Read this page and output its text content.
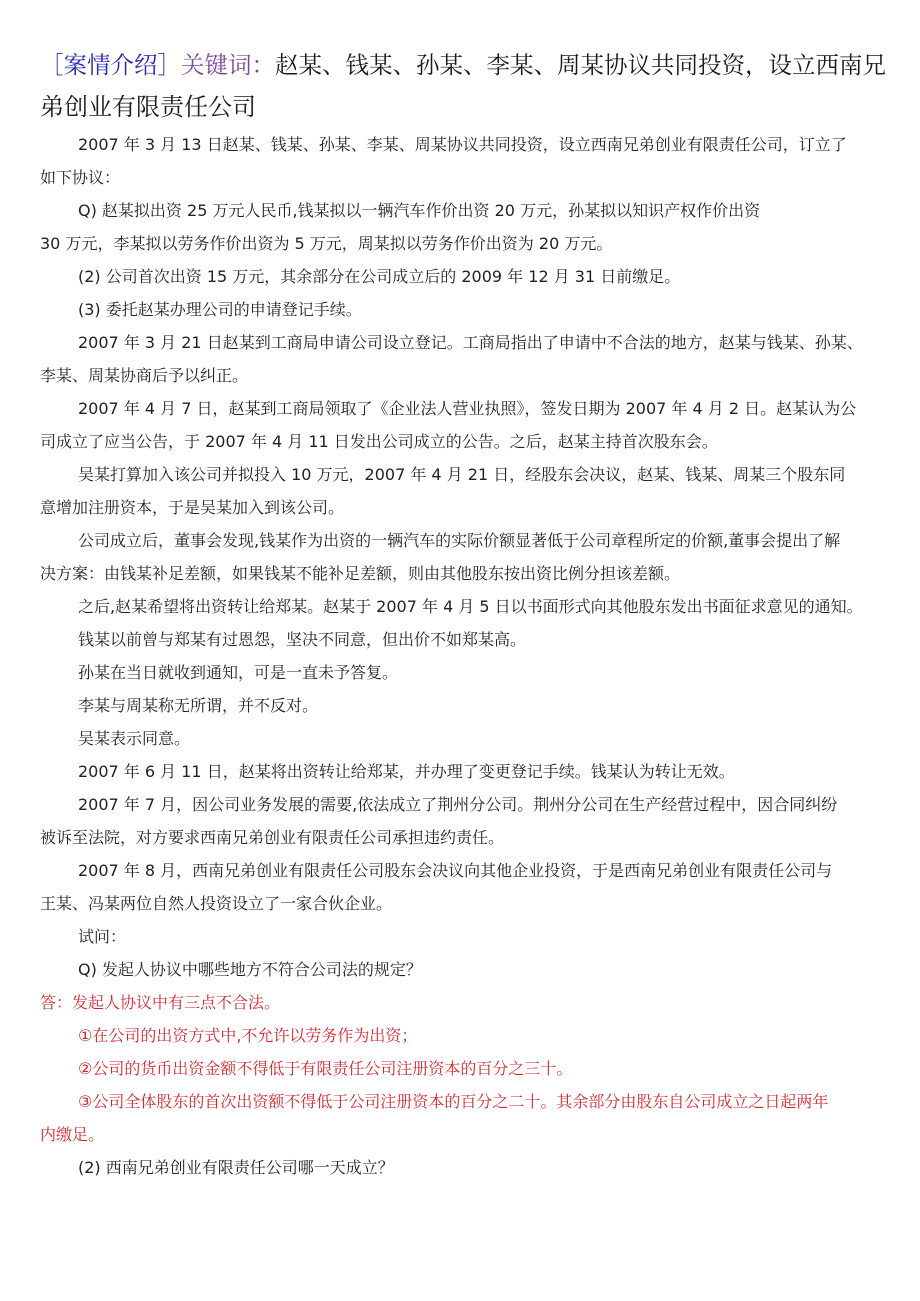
［案情介绍］关键词：赵某、钱某、孙某、李某、周某协议共同投资，设立西南兄
弟创业有限责任公司
2007 年 3 月 13 日赵某、钱某、孙某、李某、周某协议共同投资，设立西南兄弟创业有限责任公司，订立了
如下协议：
Q) 赵某拟出资 25 万元人民币,钱某拟以一辆汽车作价出资 20 万元，孙某拟以知识产权作价出资
30 万元，李某拟以劳务作价出资为 5 万元，周某拟以劳务作价出资为 20 万元。
(2) 公司首次出资 15 万元，其余部分在公司成立后的 2009 年 12 月 31 日前缴足。
(3) 委托赵某办理公司的申请登记手续。
2007 年 3 月 21 日赵某到工商局申请公司设立登记。工商局指出了申请中不合法的地方，赵某与钱某、孙某、
李某、周某协商后予以纠正。
2007 年 4 月 7 日，赵某到工商局领取了《企业法人营业执照》，签发日期为 2007 年 4 月 2 日。赵某认为公
司成立了应当公告，于 2007 年 4 月 11 日发出公司成立的公告。之后，赵某主持首次股东会。
吴某打算加入该公司并拟投入 10 万元，2007 年 4 月 21 日，经股东会决议，赵某、钱某、周某三个股东同
意增加注册资本，于是吴某加入到该公司。
公司成立后，董事会发现,钱某作为出资的一辆汽车的实际价额显著低于公司章程所定的价额,董事会提出了解
决方案：由钱某补足差额，如果钱某不能补足差额，则由其他股东按出资比例分担该差额。
之后,赵某希望将出资转让给郑某。赵某于 2007 年 4 月 5 日以书面形式向其他股东发出书面征求意见的通知。
钱某以前曾与郑某有过恩怨，坚决不同意，但出价不如郑某高。
孙某在当日就收到通知，可是一直未予答复。
李某与周某称无所谓，并不反对。
吴某表示同意。
2007 年 6 月 11 日，赵某将出资转让给郑某，并办理了变更登记手续。钱某认为转让无效。
2007 年 7 月，因公司业务发展的需要,依法成立了荆州分公司。荆州分公司在生产经营过程中，因合同纠纷
被诉至法院，对方要求西南兄弟创业有限责任公司承担违约责任。
2007 年 8 月，西南兄弟创业有限责任公司股东会决议向其他企业投资，于是西南兄弟创业有限责任公司与
王某、冯某两位自然人投资设立了一家合伙企业。
试问：
Q) 发起人协议中哪些地方不符合公司法的规定？
答：发起人协议中有三点不合法。
①在公司的出资方式中,不允许以劳务作为出资；
②公司的货币出资金额不得低于有限责任公司注册资本的百分之三十。
③公司全体股东的首次出资额不得低于公司注册资本的百分之二十。其余部分由股东自公司成立之日起两年
内缴足。
(2) 西南兄弟创业有限责任公司哪一天成立？
